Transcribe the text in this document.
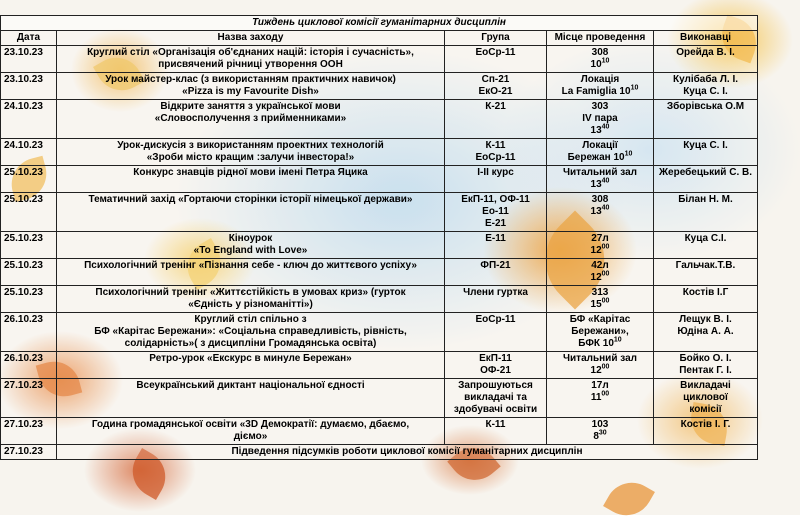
Тиждень циклової комісії гуманітарних дисциплін				
Дата	Назва заходу	Група	Місце проведення	Виконавці
23.10.23	Круглий стіл «Організація об'єднаних націй: історія і сучасність»,
присвячений річниці утворення ООН	ЕоСр-11	308
$10^{10}$	Орейда В. І.

23.10.23	Урок майстер-клас (з використанням практичних навичок)
«Pizza is my Favourite Dish»	Сп-21
ЕкО-21	Локація
La Famiglia $10^{10}$	Кулібаба Л. І.
Куца С. І.

24.10.23	Відкрите заняття з української мови
«Словосполучення з прийменниками»	К-21	303
IV пара
$13^{40}$	Зборівська О.М

24.10.23	Урок-дискусія з використанням проектних технологій
«Зроби місто кращим :залучи інвестора!»	К-11
ЕоСр-11	Локації
Бережан $10^{10}$	Куца С. І.

25.10.23	Конкурс знавців рідної мови імені Петра Яцика	І-ІІ курс	Читальний зал
$13^{40}$	Жеребецький С. В.

25.10.23	Тематичний захід «Гортаючи сторінки історії німецької держави»	ЕкП-11, ОФ-11
Ео-11
Е-21	308
$13^{40}$	Білан Н. М.

25.10.23	Кіноурок
«To England with Love»	Е-11	27л
$12^{00}$	Куца С.І.

25.10.23	Психологічний тренінг «Пізнання себе - ключ до життєвого успіху»	ФП-21	42л
$12^{00}$	Гальчак.Т.В.

25.10.23	Психологічний тренінг «Життєстійкість в умовах криз» (гурток
«Єдність у різноманітті»)	Члени гуртка	313
$15^{00}$	Костів І.Г

26.10.23	Круглий стіл спільно з
БФ «Карітас Бережани»: «Соціальна справедливість, рівність,
солідарність»( з дисципліни Громадянська освіта)	ЕоСр-11	БФ «Карітас
Бережани»,
БФК $10^{10}$	Лещук В. І.
Юдіна А. А.

26.10.23	Ретро-урок «Екскурс в минуле Бережан»	ЕкП-11
ОФ-21	Читальний зал
$12^{00}$	Бойко О. І.
Пентак Г. І.

27.10.23	Всеукраїнський диктант національної єдності	Запрошуються
викладачі та
здобувачі освіти	17л
$11^{00}$	Викладачі циклової
комісії

27.10.23	Година громадянської освіти «3D Демократії: думаємо, дбаємо,
діємо»	К-11	103
$8^{30}$	Костів І. Г.

27.10.23	Підведення підсумків роботи циклової комісії гуманітарних дисциплін			
